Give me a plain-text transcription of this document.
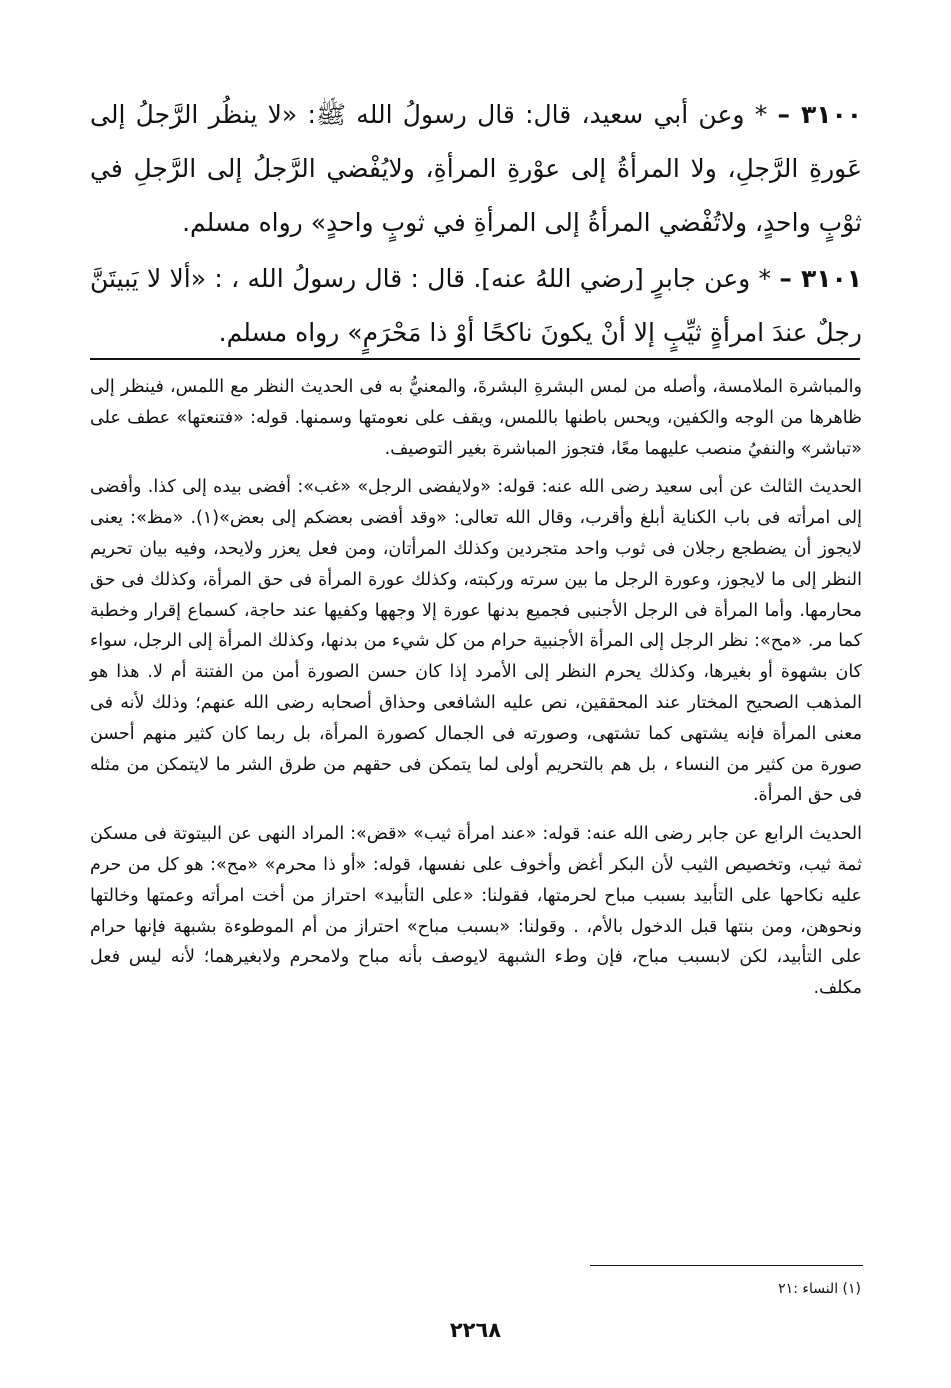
٣١٠٠ – * وعن أبي سعيد، قال: قال رسولُ الله ﷺ: «لا ينظُر الرَّجلُ إلى عَورةِ الرَّجلِ، ولا المرأةُ إلى عوْرةِ المرأةِ، ولايُفْضي الرَّجلُ إلى الرَّجلِ في ثوْبٍ واحدٍ، ولاتُفْضي المرأةُ إلى المرأةِ في ثوبٍ واحدٍ» رواه مسلم.

٣١٠١ – * وعن جابرٍ [رضي اللهُ عنه]. قال : قال رسولُ الله ، : «ألا لا يَبيتَنَّ رجلٌ عندَ امرأةٍ ثيِّبٍ إلا أنْ يكونَ ناكحًا أوْ ذا مَحْرَمٍ» رواه مسلم.

والمباشرة الملامسة، وأصله من لمس البشرةِ البشرةَ، والمعنيُّ به فى الحديث النظر مع اللمس، فينظر إلى ظاهرها من الوجه والكفين، ويحس باطنها باللمس، ويقف على نعومتها وسمنها. قوله: «فتنعتها» عطف على «تباشر» والنفيُ منصب عليهما معًا، فتجوز المباشرة بغير التوصيف.

الحديث الثالث عن أبى سعيد رضى الله عنه: قوله: «ولايفضى الرجل» «غب»: أفضى بيده إلى كذا. وأفضى إلى امرأته فى باب الكناية أبلغ وأقرب، وقال الله تعالى: «وقد أفضى بعضكم إلى بعض»(١). «مظ»: يعنى لايجوز أن يضطجع رجلان فى ثوب واحد متجردين وكذلك المرأتان، ومن فعل يعزر ولايحد، وفيه بيان تحريم النظر إلى ما لايجوز، وعورة الرجل ما بين سرته وركبته، وكذلك عورة المرأة فى حق المرأة، وكذلك فى حق محارمها. وأما المرأة فى الرجل الأجنبى فجميع بدنها عورة إلا وجهها وكفيها عند حاجة، كسماع إقرار وخطبة كما مر. «مح»: نظر الرجل إلى المرأة الأجنبية حرام من كل شيء من بدنها، وكذلك المرأة إلى الرجل، سواء كان بشهوة أو بغيرها، وكذلك يحرم النظر إلى الأمرد إذا كان حسن الصورة أمن من الفتنة أم لا. هذا هو المذهب الصحيح المختار عند المحققين، نص عليه الشافعى وحذاق أصحابه رضى الله عنهم؛ وذلك لأنه فى معنى المرأة فإنه يشتهى كما تشتهى، وصورته فى الجمال كصورة المرأة، بل ربما كان كثير منهم أحسن صورة من كثير من النساء ، بل هم بالتحريم أولى لما يتمكن فى حقهم من طرق الشر ما لايتمكن من مثله فى حق المرأة.

الحديث الرابع عن جابر رضى الله عنه: قوله: «عند امرأة ثيب» «قض»: المراد النهى عن البيتوتة فى مسكن ثمة ثيب، وتخصيص الثيب لأن البكر أغض وأخوف على نفسها، قوله: «أو ذا محرم» «مح»: هو كل من حرم عليه نكاحها على التأبيد بسبب مباح لحرمتها، فقولنا: «على التأبيد» احتراز من أخت امرأته وعمتها وخالتها ونحوهن، ومن بنتها قبل الدخول بالأم، . وقولنا: «بسبب مباح» احتراز من أم الموطوءة بشبهة فإنها حرام على التأبيد، لكن لابسبب مباح، فإن وطء الشبهة لايوصف بأنه مباح ولامحرم ولابغيرهما؛ لأنه ليس فعل مكلف.

(١) النساء :٢١
٢٢٦٨
